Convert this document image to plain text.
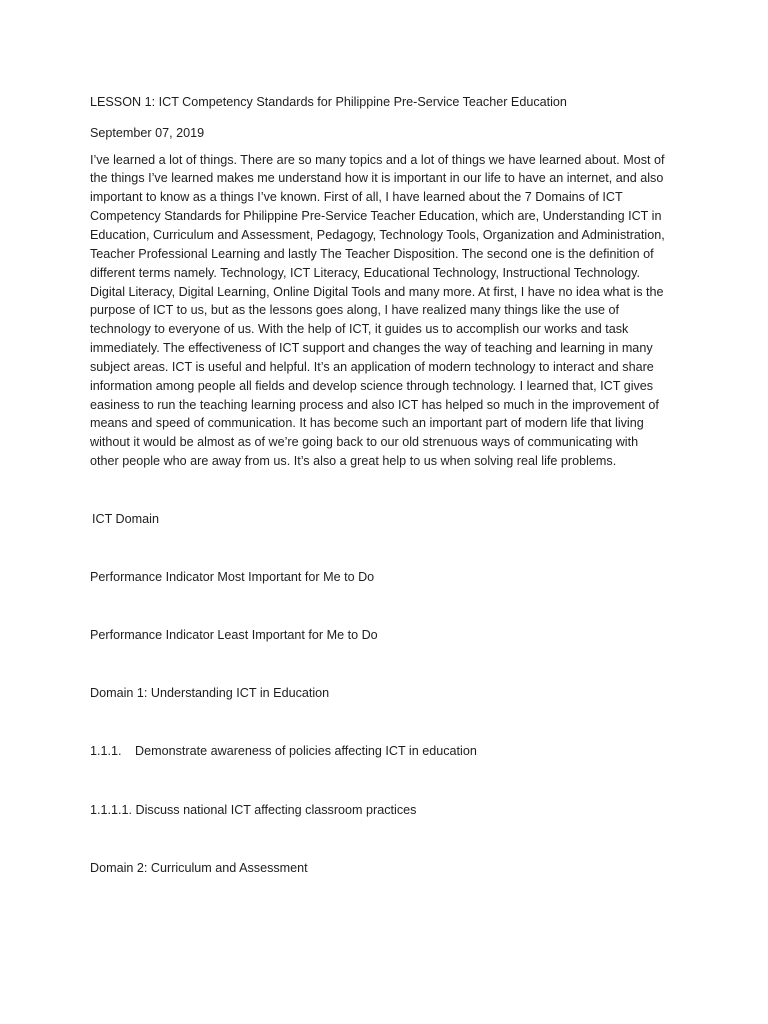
LESSON 1: ICT Competency Standards for Philippine Pre-Service Teacher Education

September 07, 2019

I’ve learned a lot of things. There are so many topics and a lot of things we have learned about. Most of
the things I’ve learned makes me understand how it is important in our life to have an internet, and also
important to know as a things I’ve known. First of all, I have learned about the 7 Domains of ICT
Competency Standards for Philippine Pre-Service Teacher Education, which are, Understanding ICT in
Education, Curriculum and Assessment, Pedagogy, Technology Tools, Organization and Administration,
Teacher Professional Learning and lastly The Teacher Disposition. The second one is the definition of
different terms namely. Technology, ICT Literacy, Educational Technology, Instructional Technology.
Digital Literacy, Digital Learning, Online Digital Tools and many more. At first, I have no idea what is the
purpose of ICT to us, but as the lessons goes along, I have realized many things like the use of
technology to everyone of us. With the help of ICT, it guides us to accomplish our works and task
immediately. The effectiveness of ICT support and changes the way of teaching and learning in many
subject areas. ICT is useful and helpful. It’s an application of modern technology to interact and share
information among people all fields and develop science through technology. I learned that, ICT gives
easiness to run the teaching learning process and also ICT has helped so much in the improvement of
means and speed of communication. It has become such an important part of modern life that living
without it would be almost as of we’re going back to our old strenuous ways of communicating with
other people who are away from us. It’s also a great help to us when solving real life problems.

ICT Domain

Performance Indicator Most Important for Me to Do

Performance Indicator Least Important for Me to Do

Domain 1: Understanding ICT in Education

1.1.1. Demonstrate awareness of policies affecting ICT in education

1.1.1.1. Discuss national ICT affecting classroom practices

Domain 2: Curriculum and Assessment
